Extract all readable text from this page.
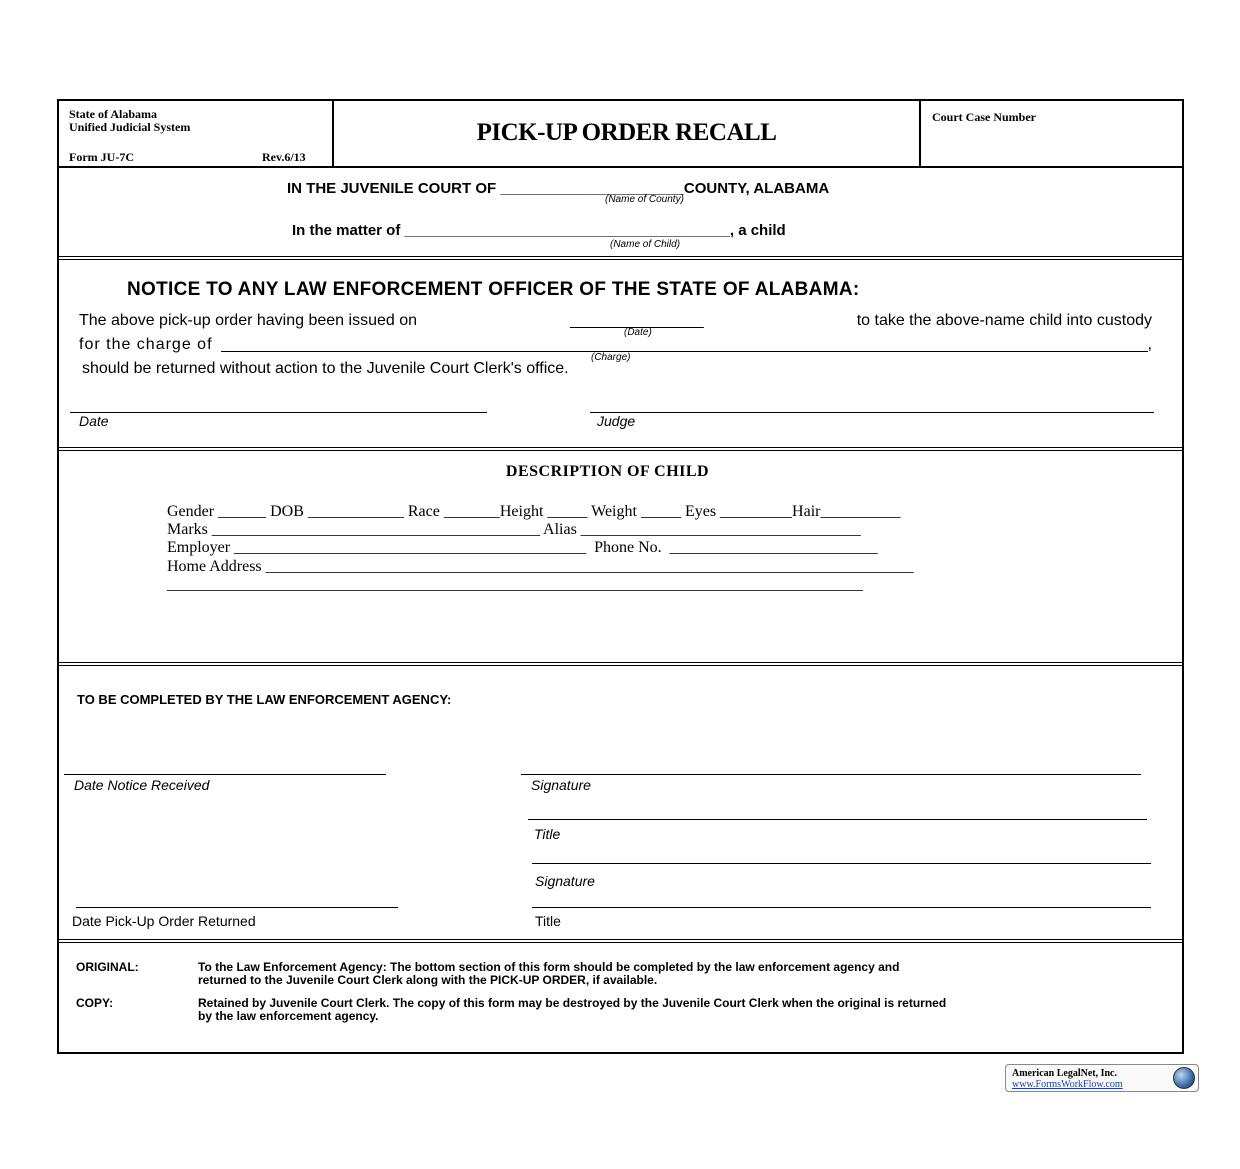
State of Alabama
Unified Judicial System
Form JU-7C	Rev.6/13
PICK-UP ORDER RECALL
Court Case Number
IN THE JUVENILE COURT OF ______________________COUNTY, ALABAMA
(Name of County)
In the matter of _______________________________________, a child
(Name of Child)
NOTICE TO ANY LAW ENFORCEMENT OFFICER OF THE STATE OF ALABAMA:
The above pick-up order having been issued on	_______________	to take the above-name child into custody
(Date)
for the charge of	,
(Charge)
should be returned without action to the Juvenile Court Clerk's office.
Date	Judge
DESCRIPTION OF CHILD
Gender ______ DOB ____________ Race _______Height _____ Weight _____ Eyes _________Hair__________
Marks _________________________________________ Alias ___________________________________
Employer ____________________________________________ Phone No. __________________________
Home Address _________________________________________________________________________________
_______________________________________________________________________________________
TO BE COMPLETED BY THE LAW ENFORCEMENT AGENCY:
Date Notice Received	Signature
Title
Signature
Date Pick-Up Order Returned	Title
ORIGINAL:	To the Law Enforcement Agency: The bottom section of this form should be completed by the law enforcement agency and
returned to the Juvenile Court Clerk along with the PICK-UP ORDER, if available.
COPY:	Retained by Juvenile Court Clerk. The copy of this form may be destroyed by the Juvenile Court Clerk when the original is returned
by the law enforcement agency.
American LegalNet, Inc.
www.FormsWorkFlow.com
